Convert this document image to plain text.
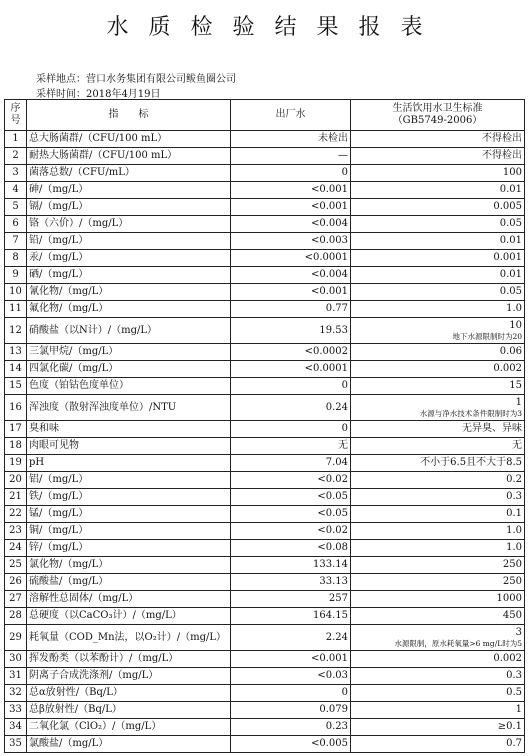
水质检验结果报表
采样地点：营口水务集团有限公司鲅鱼圈公司
采样时间：2018年4月19日
序号	指　　标	出厂水	生活饮用水卫生标准
（GB5749-2006）
1	总大肠菌群/（CFU/100 mL）	未检出	不得检出
2	耐热大肠菌群/（CFU/100 mL）	—	不得检出
3	菌落总数/（CFU/mL）	0	100
4	砷/（mg/L）	<0.001	0.01
5	镉/（mg/L）	<0.001	0.005
6	铬（六价）/（mg/L）	<0.004	0.05
7	铅/（mg/L）	<0.003	0.01
8	汞/（mg/L）	<0.0001	0.001
9	硒/（mg/L）	<0.004	0.01
10	氰化物/（mg/L）	<0.001	0.05
11	氟化物/（mg/L）	0.77	1.0
12	硝酸盐（以N计）/（mg/L）	19.53	10
地下水源限制时为20

13	三氯甲烷/（mg/L）	<0.0002	0.06
14	四氯化碳/（mg/L）	<0.0001	0.002
15	色度（铂钴色度单位）	0	15
16	浑浊度（散射浑浊度单位）/NTU	0.24	1
水源与净水技术条件限制时为3

17	臭和味	0	无异臭、异味
18	肉眼可见物	无	无
19	pH	7.04	不小于6.5且不大于8.5
20	铝/（mg/L）	<0.02	0.2
21	铁/（mg/L）	<0.05	0.3
22	锰/（mg/L）	<0.05	0.1
23	铜/（mg/L）	<0.02	1.0
24	锌/（mg/L）	<0.08	1.0
25	氯化物/（mg/L）	133.14	250
26	硫酸盐/（mg/L）	33.13	250
27	溶解性总固体/（mg/L）	257	1000
28	总硬度（以CaCO₃计）/（mg/L）	164.15	450
29	耗氧量（COD_Mn法，以O₂计）/（mg/L）	2.24	3
水源限制，原水耗氧量>6 mg/L时为5

30	挥发酚类（以苯酚计）/（mg/L）	<0.001	0.002
31	阴离子合成洗涤剂/（mg/L）	<0.03	0.3
32	总α放射性/（Bq/L）	0	0.5
33	总β放射性/（Bq/L）	0.079	1
34	二氧化氯（ClO₂）/（mg/L）	0.23	≥0.1
35	氯酸盐/（mg/L）	<0.005	0.7
